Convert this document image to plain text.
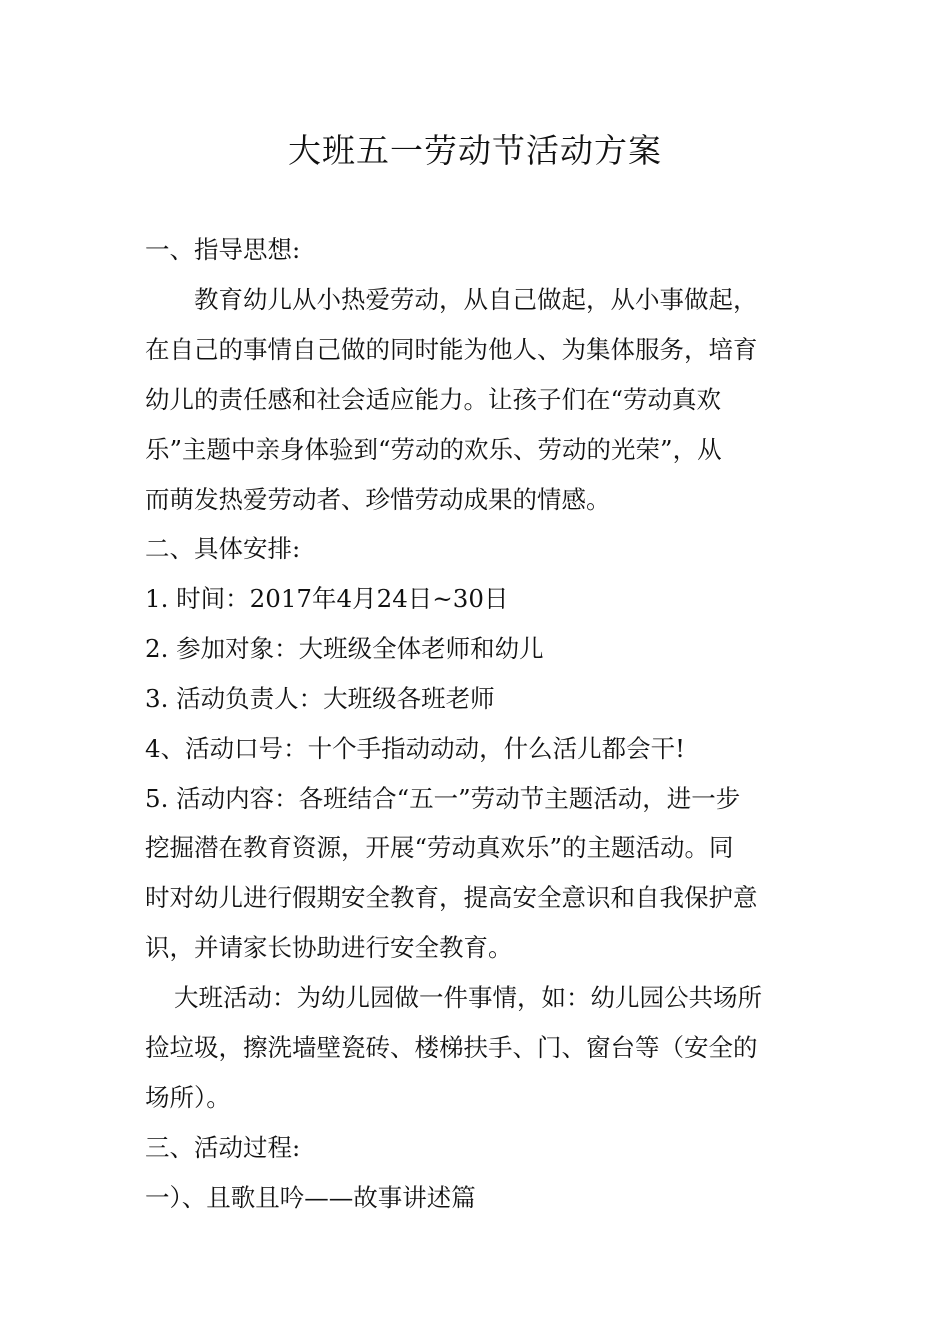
大班五一劳动节活动方案
一、指导思想:
教育幼儿从小热爱劳动，从自己做起，从小事做起，
在自己的事情自己做的同时能为他人、为集体服务，培育
幼儿的责任感和社会适应能力。让孩子们在“劳动真欢
乐”主题中亲身体验到“劳动的欢乐、劳动的光荣”，从
而萌发热爱劳动者、珍惜劳动成果的情感。
二、具体安排:
1. 时间：2017年4月24日~30日
2. 参加对象：大班级全体老师和幼儿
3. 活动负责人：大班级各班老师
4、活动口号：十个手指动动动，什么活儿都会干!
5. 活动内容：各班结合“五一”劳动节主题活动，进一步
挖掘潜在教育资源，开展“劳动真欢乐”的主题活动。同
时对幼儿进行假期安全教育，提高安全意识和自我保护意
识，并请家长协助进行安全教育。
大班活动：为幼儿园做一件事情，如：幼儿园公共场所
捡垃圾，擦洗墙壁瓷砖、楼梯扶手、门、窗台等（安全的
场所）。
三、活动过程:
一）、且歌且吟——故事讲述篇
